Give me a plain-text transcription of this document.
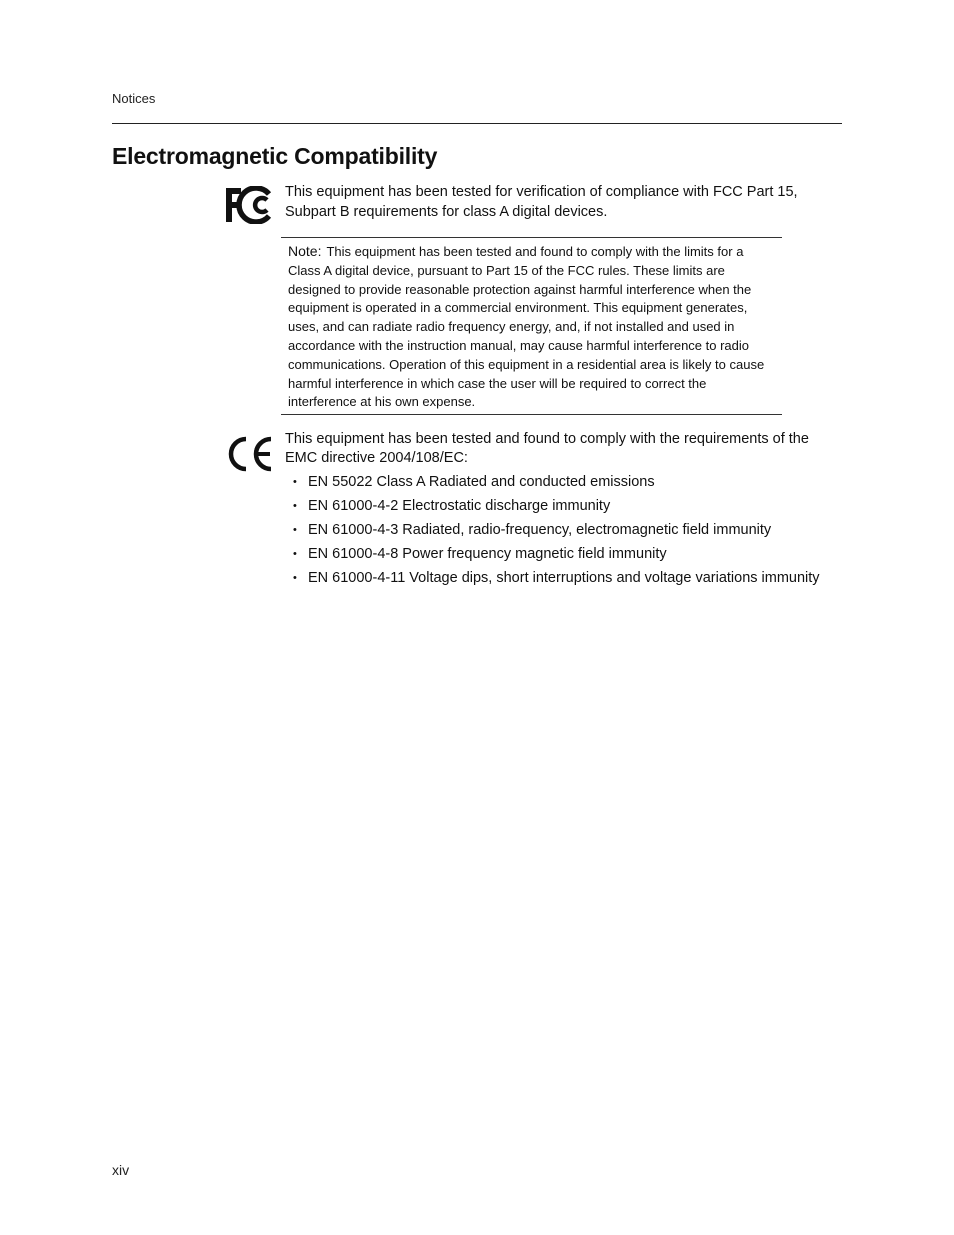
Notices
Electromagnetic Compatibility

This equipment has been tested for verification of compliance with FCC Part 15, Subpart B requirements for class A digital devices.

Note: This equipment has been tested and found to comply with the limits for a Class A digital device, pursuant to Part 15 of the FCC rules. These limits are designed to provide reasonable protection against harmful interference when the equipment is operated in a commercial environment. This equipment generates, uses, and can radiate radio frequency energy, and, if not installed and used in accordance with the instruction manual, may cause harmful interference to radio communications. Operation of this equipment in a residential area is likely to cause harmful interference in which case the user will be required to correct the interference at his own expense.

This equipment has been tested and found to comply with the requirements of the EMC directive 2004/108/EC:

• EN 55022 Class A Radiated and conducted emissions
• EN 61000-4-2 Electrostatic discharge immunity
• EN 61000-4-3 Radiated, radio-frequency, electromagnetic field immunity
• EN 61000-4-8 Power frequency magnetic field immunity
• EN 61000-4-11 Voltage dips, short interruptions and voltage variations immunity
xiv
